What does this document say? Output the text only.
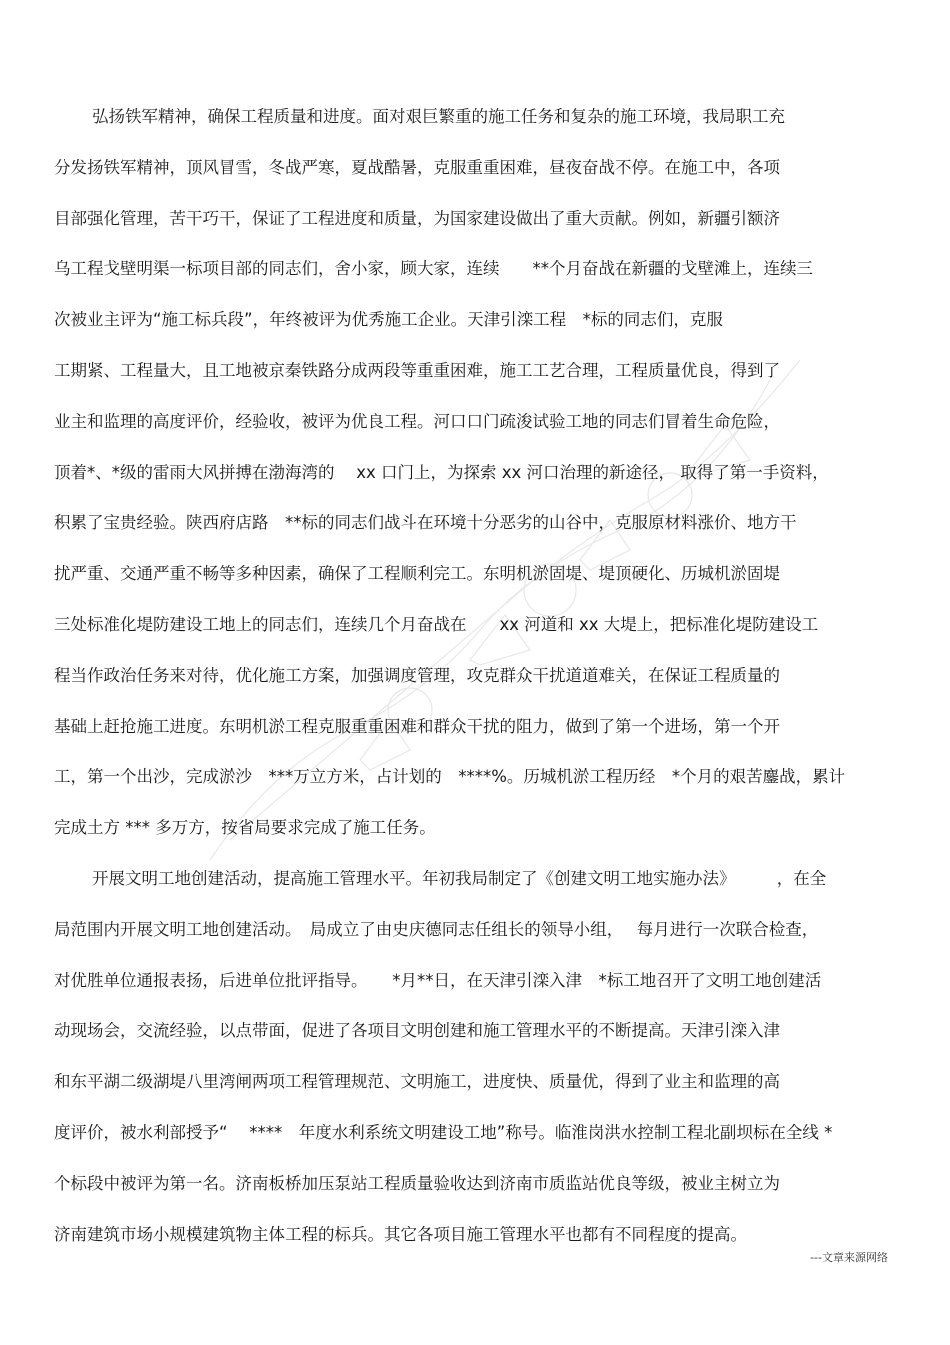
弘扬铁军精神，确保工程质量和进度。面对艰巨繁重的施工任务和复杂的施工环境，我局职工充
分发扬铁军精神，顶风冒雪，冬战严寒，夏战酷暑，克服重重困难，昼夜奋战不停。在施工中，各项
目部强化管理，苦干巧干，保证了工程进度和质量，为国家建设做出了重大贡献。例如，新疆引额济
乌工程戈壁明渠一标项目部的同志们，舍小家，顾大家，连续　　**个月奋战在新疆的戈壁滩上，连续三
次被业主评为“施工标兵段”，年终被评为优秀施工企业。天津引滦工程　*标的同志们，克服
工期紧、工程量大，且工地被京秦铁路分成两段等重重困难，施工工艺合理，工程质量优良，得到了
业主和监理的高度评价，经验收，被评为优良工程。河口口门疏浚试验工地的同志们冒着生命危险，
顶着*、*级的雷雨大风拼搏在渤海湾的　 xx 口门上，为探索 xx 河口治理的新途径， 取得了第一手资料，
积累了宝贵经验。陕西府店路　**标的同志们战斗在环境十分恶劣的山谷中，克服原材料涨价、地方干
扰严重、交通严重不畅等多种因素，确保了工程顺利完工。东明机淤固堤、堤顶硬化、历城机淤固堤
三处标准化堤防建设工地上的同志们，连续几个月奋战在　　xx 河道和 xx 大堤上，把标准化堤防建设工
程当作政治任务来对待，优化施工方案，加强调度管理，攻克群众干扰道道难关，在保证工程质量的
基础上赶抢施工进度。东明机淤工程克服重重困难和群众干扰的阻力，做到了第一个进场，第一个开
工，第一个出沙，完成淤沙　***万立方米，占计划的　****%。历城机淤工程历经　*个月的艰苦鏖战，累计
完成土方 *** 多万方，按省局要求完成了施工任务。
开展文明工地创建活动，提高施工管理水平。年初我局制定了《创建文明工地实施办法》　　　，在全
局范围内开展文明工地创建活动。　局成立了由史庆德同志任组长的领导小组，　 每月进行一次联合检查，
对优胜单位通报表扬，后进单位批评指导。　　*月**日，在天津引滦入津　*标工地召开了文明工地创建活
动现场会，交流经验，以点带面，促进了各项目文明创建和施工管理水平的不断提高。天津引滦入津
和东平湖二级湖堤八里湾闸两项工程管理规范、文明施工，进度快、质量优，得到了业主和监理的高
度评价，被水利部授予“　 ****　年度水利系统文明建设工地”称号。临淮岗洪水控制工程北副坝标在全线 *
个标段中被评为第一名。济南板桥加压泵站工程质量验收达到济南市质监站优良等级，被业主树立为
济南建筑市场小规模建筑物主体工程的标兵。其它各项目施工管理水平也都有不同程度的提高。
---文章来源网络
